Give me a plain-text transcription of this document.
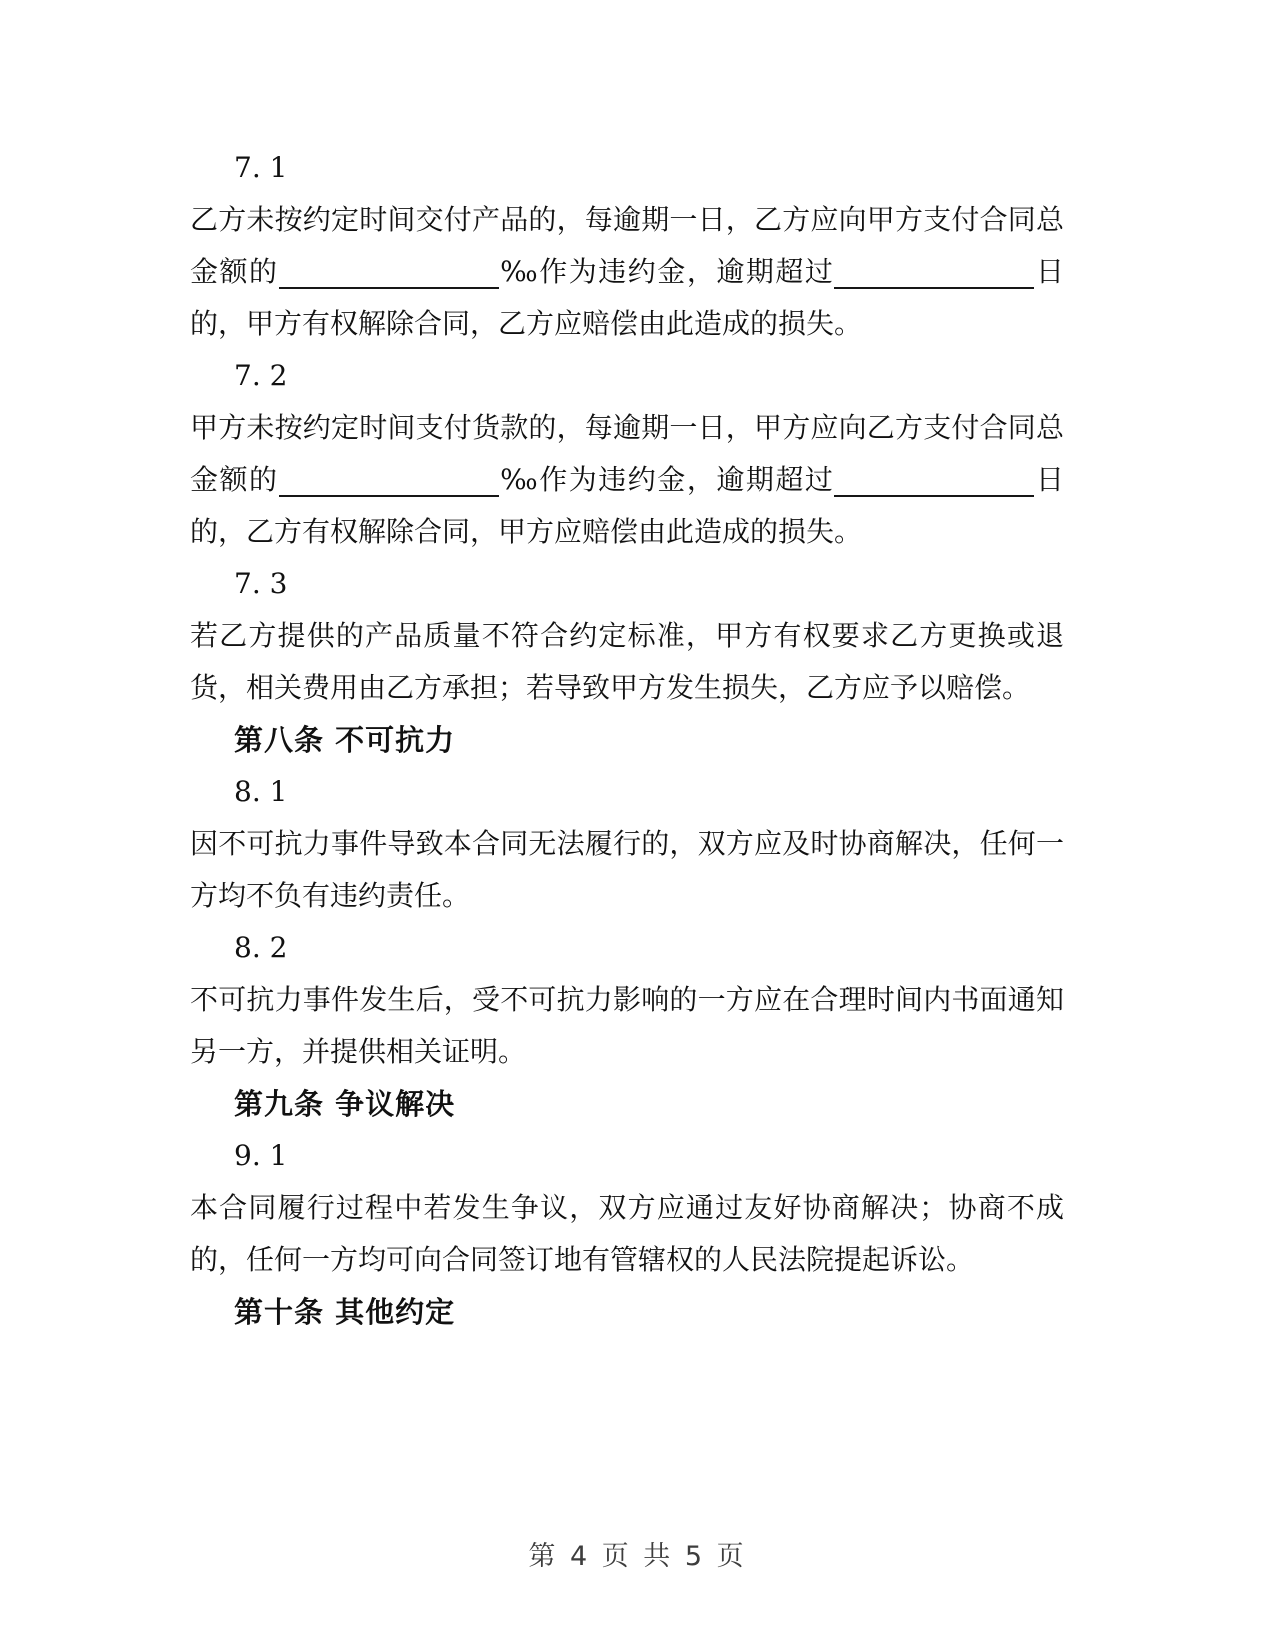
7. 1
乙方未按约定时间交付产品的，每逾期一日，乙方应向甲方支付合同总金额的	‰作为违约金，逾期超过	日的，甲方有权解除合同，乙方应赔偿由此造成的损失。
7. 2
甲方未按约定时间支付货款的，每逾期一日，甲方应向乙方支付合同总金额的	‰作为违约金，逾期超过	日的，乙方有权解除合同，甲方应赔偿由此造成的损失。
7. 3
若乙方提供的产品质量不符合约定标准，甲方有权要求乙方更换或退货，相关费用由乙方承担；若导致甲方发生损失，乙方应予以赔偿。
第八条 不可抗力
8. 1
因不可抗力事件导致本合同无法履行的，双方应及时协商解决，任何一方均不负有违约责任。
8. 2
不可抗力事件发生后，受不可抗力影响的一方应在合理时间内书面通知另一方，并提供相关证明。
第九条 争议解决
9. 1
本合同履行过程中若发生争议，双方应通过友好协商解决；协商不成的，任何一方均可向合同签订地有管辖权的人民法院提起诉讼。
第十条 其他约定
第 4 页 共 5 页
